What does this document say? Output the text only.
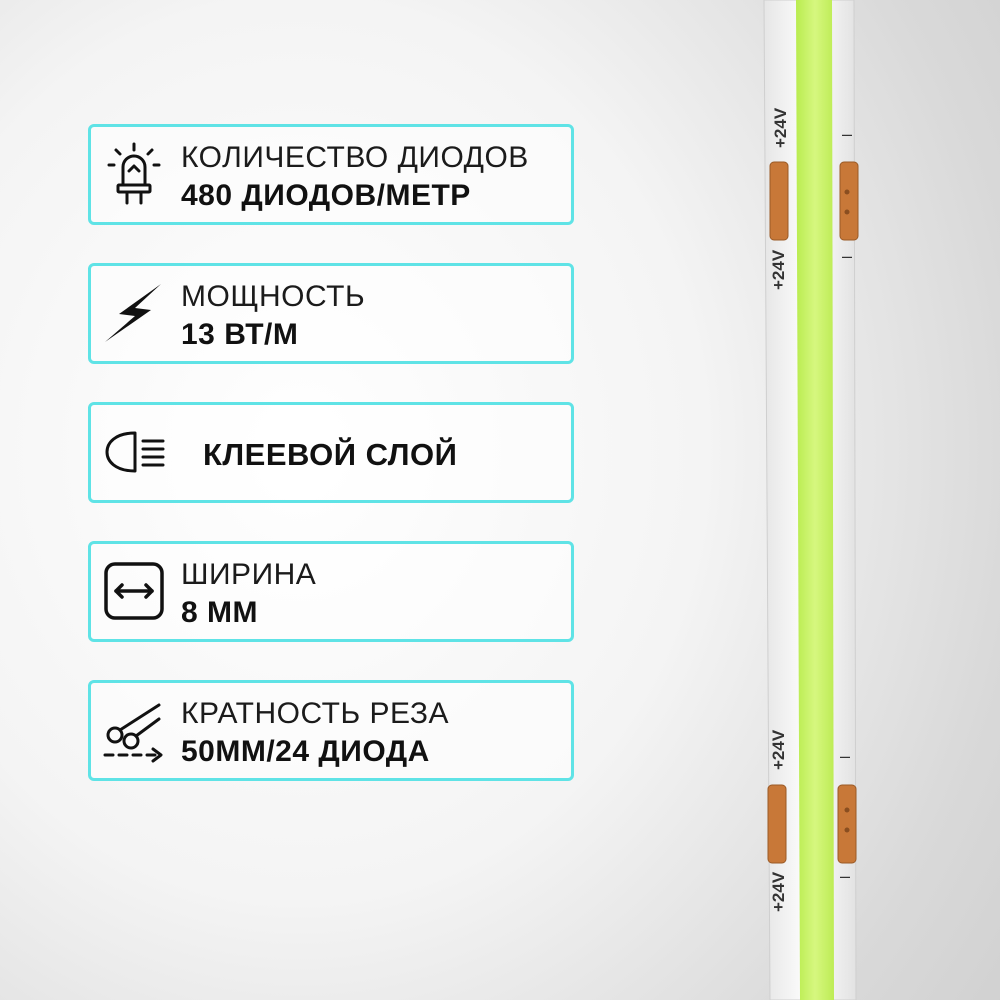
КОЛИЧЕСТВО ДИОДОВ
480 ДИОДОВ/МЕТР
МОЩНОСТЬ
13 ВТ/М
КЛЕЕВОЙ СЛОЙ
ШИРИНА
8 ММ
КРАТНОСТЬ РЕЗА
50ММ/24 ДИОДА
+24V
+24V
+24V
+24V
–
–
–
–
